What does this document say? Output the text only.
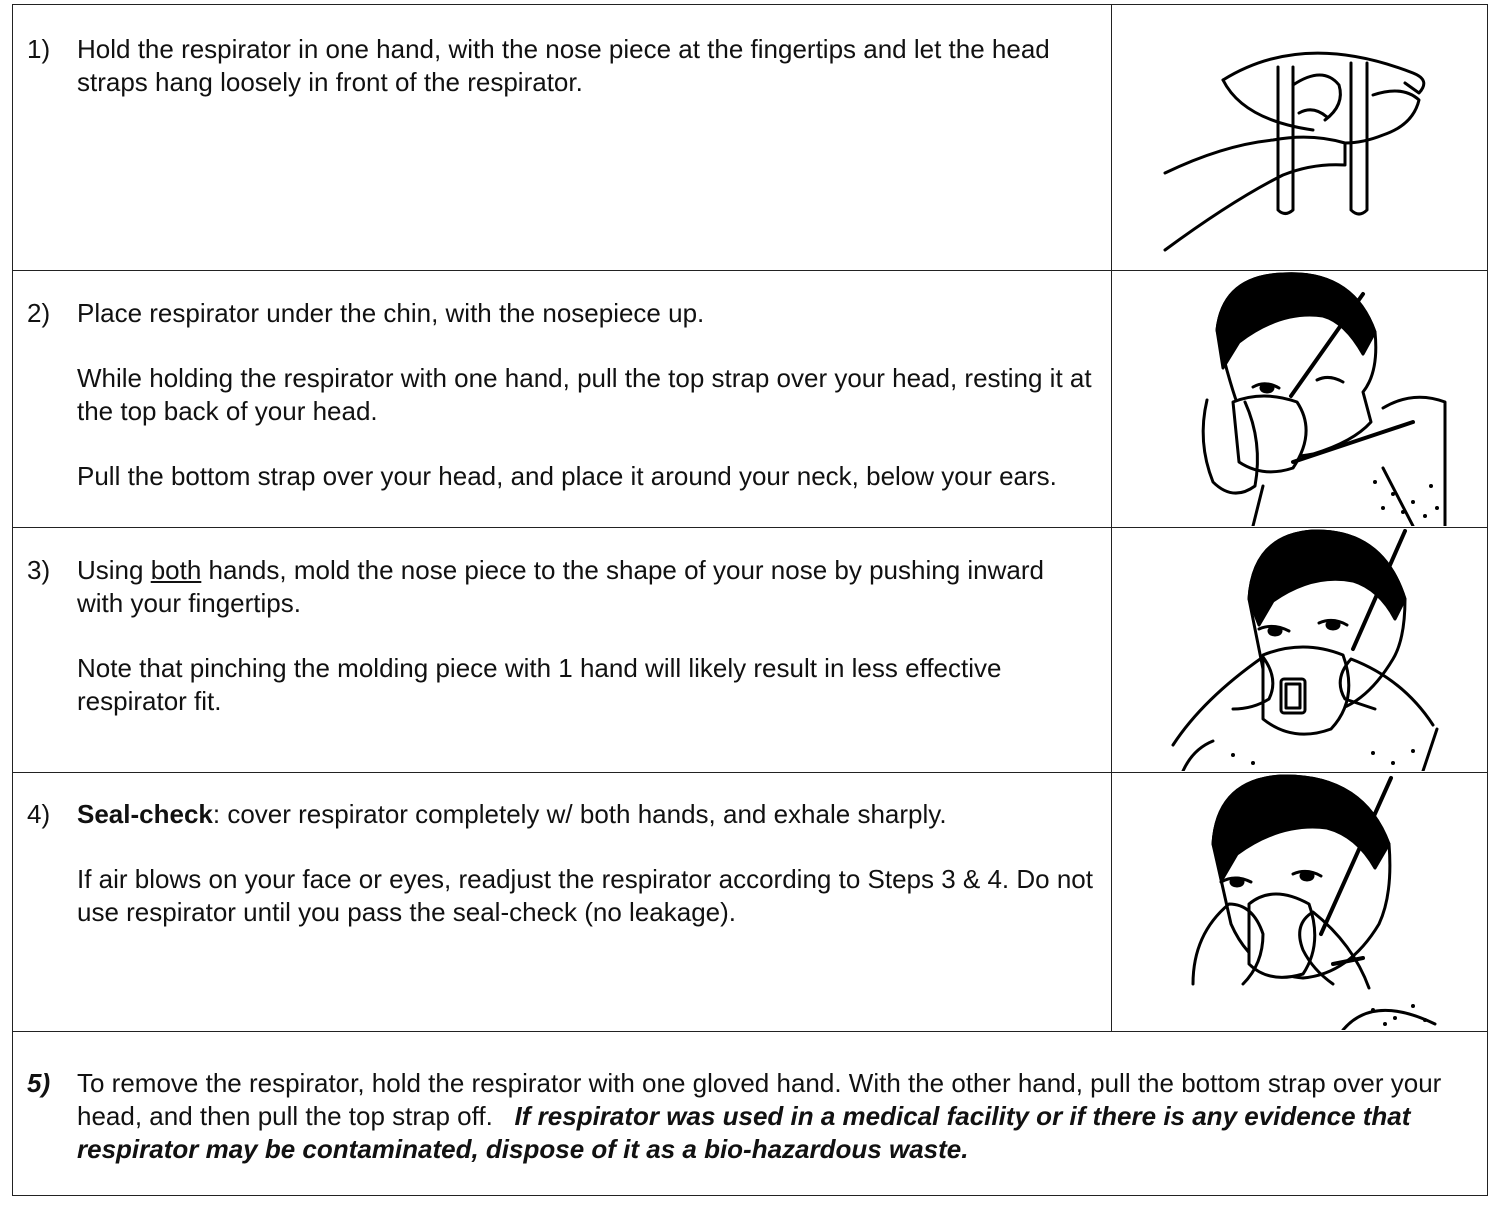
1)	Hold the respirator in one hand, with the nose piece at the fingertips and let the head straps hang loosely in front of the respirator.

2)	Place respirator under the chin, with the nosepiece up.

While holding the respirator with one hand, pull the top strap over your head, resting it at the top back of your head.

Pull the bottom strap over your head, and place it around your neck, below your ears.

3)	Using both hands, mold the nose piece to the shape of your nose by pushing inward with your fingertips.

Note that pinching the molding piece with 1 hand will likely result in less effective respirator fit.

4)	Seal-check: cover respirator completely w/ both hands, and exhale sharply.

If air blows on your face or eyes, readjust the respirator according to Steps 3 & 4. Do not use respirator until you pass the seal-check (no leakage).

5)	To remove the respirator, hold the respirator with one gloved hand. With the other hand, pull the bottom strap over your head, and then pull the top strap off. If respirator was used in a medical facility or if there is any evidence that respirator may be contaminated, dispose of it as a bio-hazardous waste.
